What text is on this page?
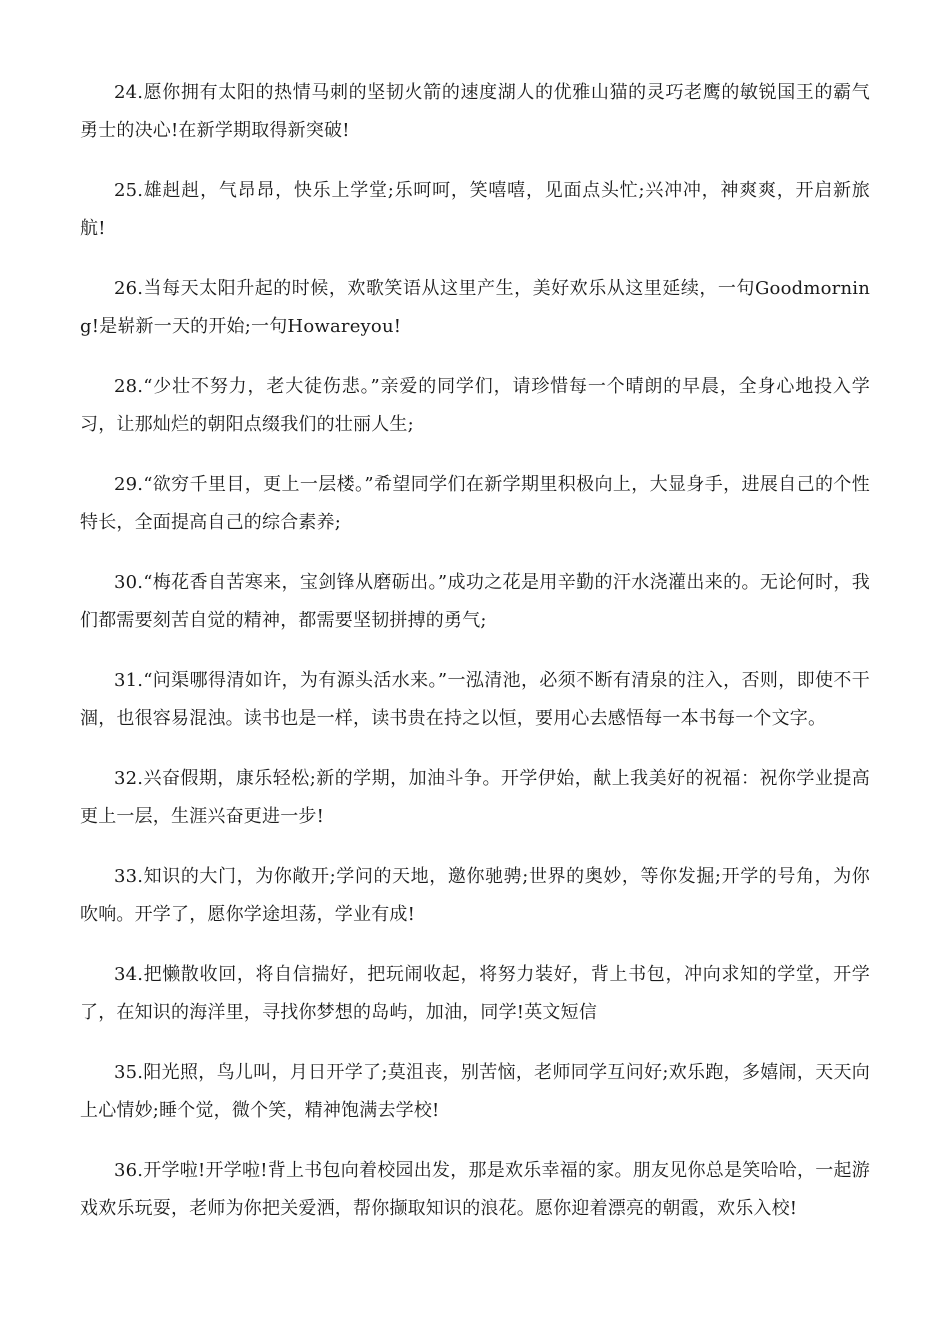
24.愿你拥有太阳的热情马刺的坚韧火箭的速度湖人的优雅山猫的灵巧老鹰的敏锐国王的霸气勇士的决心!在新学期取得新突破!

25.雄赳赳，气昂昂，快乐上学堂;乐呵呵，笑嘻嘻，见面点头忙;兴冲冲，神爽爽，开启新旅航!

26.当每天太阳升起的时候，欢歌笑语从这里产生，美好欢乐从这里延续，一句Goodmorning!是崭新一天的开始;一句Howareyou!

28.“少壮不努力，老大徒伤悲。”亲爱的同学们，请珍惜每一个晴朗的早晨，全身心地投入学习，让那灿烂的朝阳点缀我们的壮丽人生;

29.“欲穷千里目，更上一层楼。”希望同学们在新学期里积极向上，大显身手，进展自己的个性特长，全面提高自己的综合素养;

30.“梅花香自苦寒来，宝剑锋从磨砺出。”成功之花是用辛勤的汗水浇灌出来的。无论何时，我们都需要刻苦自觉的精神，都需要坚韧拼搏的勇气;

31.“问渠哪得清如许，为有源头活水来。”一泓清池，必须不断有清泉的注入，否则，即使不干涸，也很容易混浊。读书也是一样，读书贵在持之以恒，要用心去感悟每一本书每一个文字。

32.兴奋假期，康乐轻松;新的学期，加油斗争。开学伊始，献上我美好的祝福：祝你学业提高更上一层，生涯兴奋更进一步!

33.知识的大门，为你敞开;学问的天地，邀你驰骋;世界的奥妙，等你发掘;开学的号角，为你吹响。开学了，愿你学途坦荡，学业有成!

34.把懒散收回，将自信揣好，把玩闹收起，将努力装好，背上书包，冲向求知的学堂，开学了，在知识的海洋里，寻找你梦想的岛屿，加油，同学!英文短信

35.阳光照，鸟儿叫，月日开学了;莫沮丧，别苦恼，老师同学互问好;欢乐跑，多嬉闹，天天向上心情妙;睡个觉，微个笑，精神饱满去学校!

36.开学啦!开学啦!背上书包向着校园出发，那是欢乐幸福的家。朋友见你总是笑哈哈，一起游戏欢乐玩耍，老师为你把关爱洒，帮你撷取知识的浪花。愿你迎着漂亮的朝霞，欢乐入校!
